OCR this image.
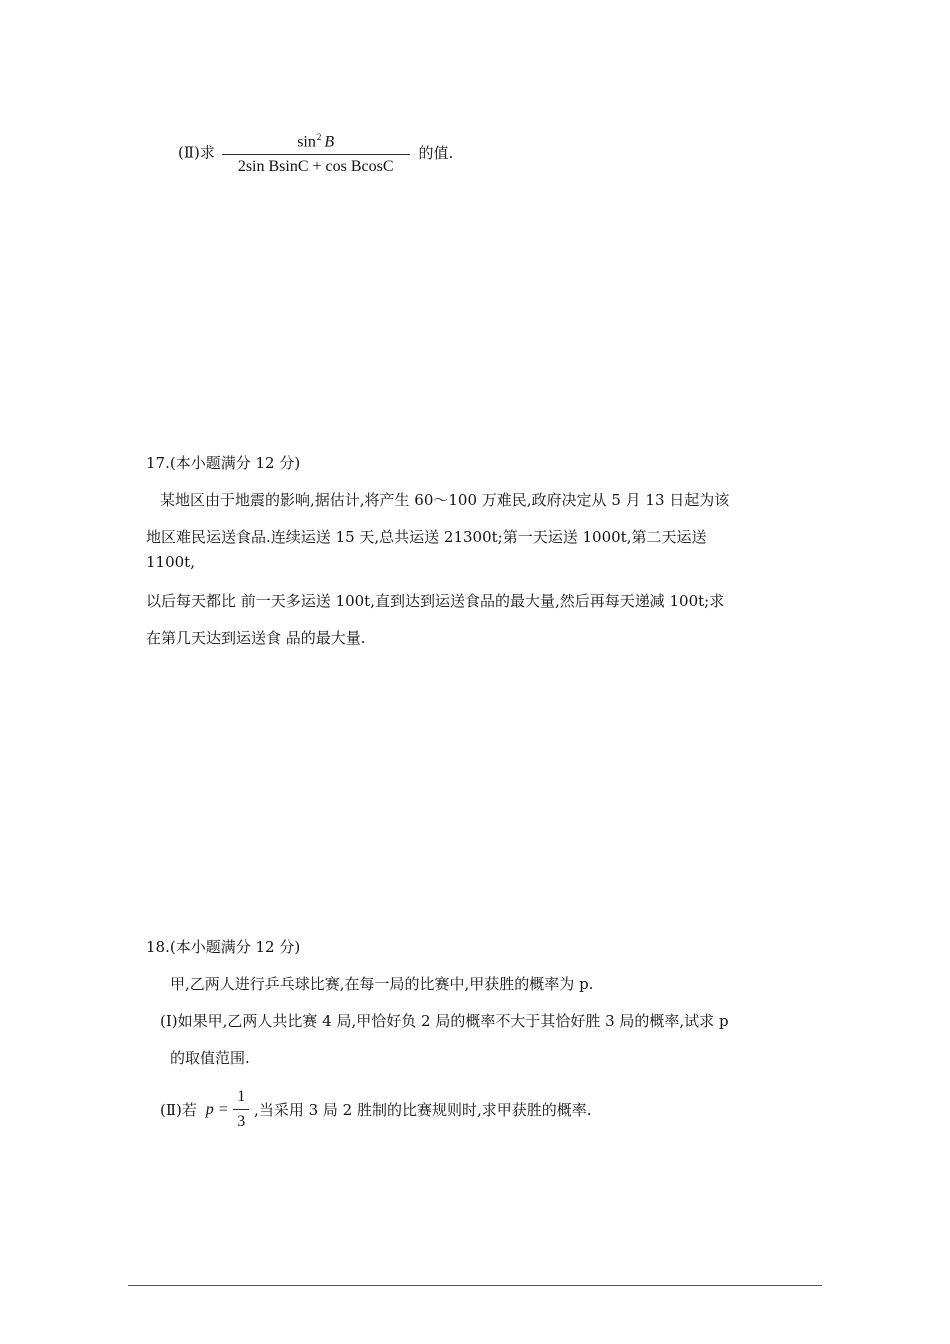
(Ⅱ)求 $\frac{\sin^2 B}{\text{2sin BsinC + cos BcosC}}$ 的值.
17.(本小题满分 12 分)
某地区由于地震的影响,据估计,将产生 60～100 万难民,政府决定从 5 月 13 日起为该
地区难民运送食品.连续运送 15 天,总共运送 21300t;第一天运送 1000t,第二天运送
1100t,
以后每天都比 前一天多运送 100t,直到达到运送食品的最大量,然后再每天递减 100t;求
在第几天达到运送食 品的最大量.
18.(本小题满分 12 分)
甲,乙两人进行乒乓球比赛,在每一局的比赛中,甲获胜的概率为 p.
(I)如果甲,乙两人共比赛 4 局,甲恰好负 2 局的概率不大于其恰好胜 3 局的概率,试求 p
的取值范围.
(Ⅱ)若 $p = \frac{1}{3}$ ,当采用 3 局 2 胜制的比赛规则时,求甲获胜的概率.
